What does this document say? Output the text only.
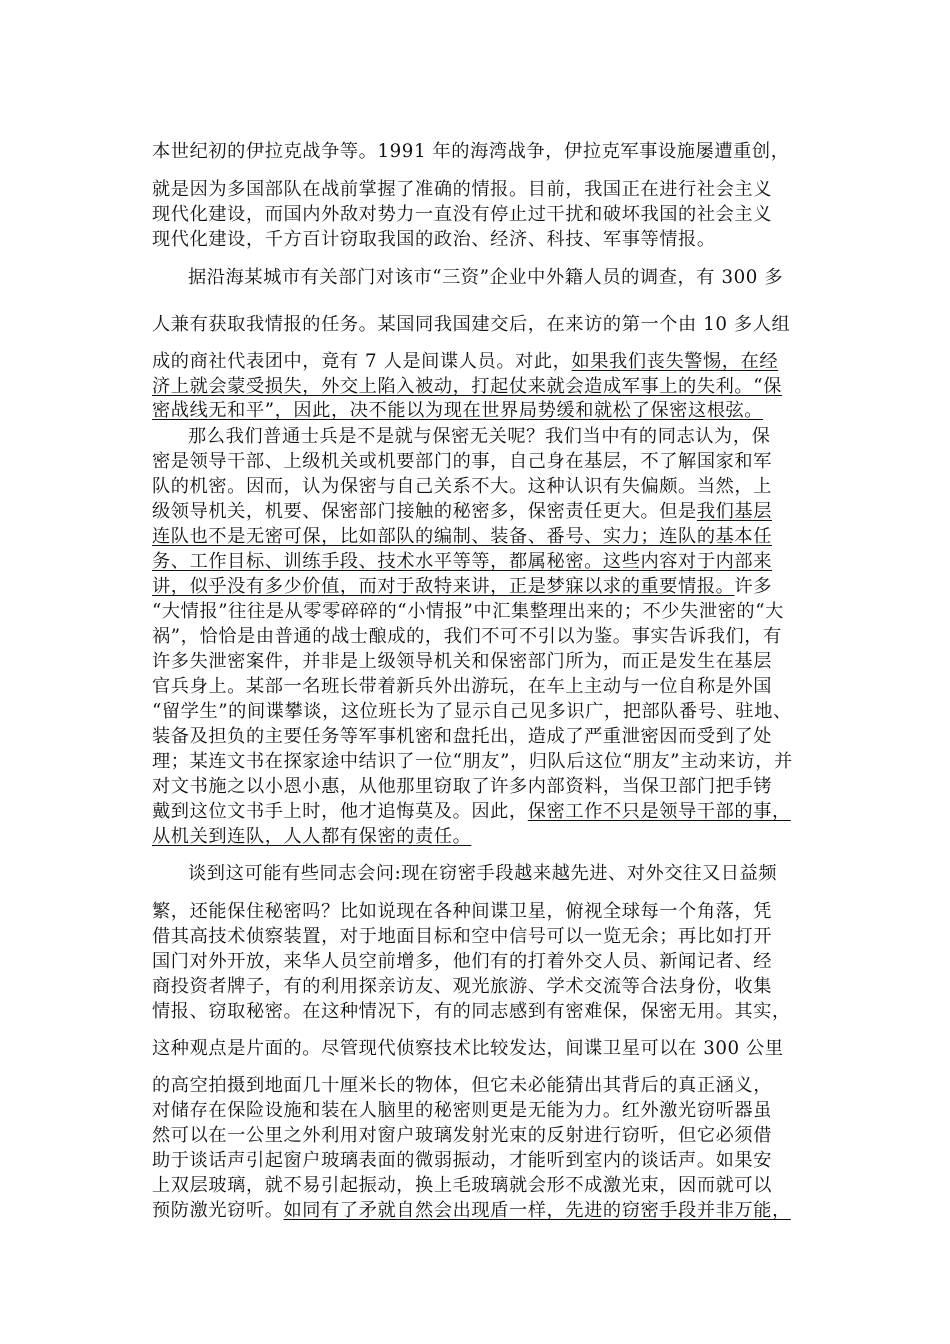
本世纪初的伊拉克战争等。1991 年的海湾战争，伊拉克军事设施屡遭重创，
就是因为多国部队在战前掌握了准确的情报。目前，我国正在进行社会主义
现代化建设，而国内外敌对势力一直没有停止过干扰和破坏我国的社会主义
现代化建设，千方百计窃取我国的政治、经济、科技、军事等情报。
据沿海某城市有关部门对该市“三资”企业中外籍人员的调查，有 300 多
人兼有获取我情报的任务。某国同我国建交后，在来访的第一个由 10 多人组
成的商社代表团中，竟有 7 人是间谍人员。对此，如果我们丧失警惕，在经
济上就会蒙受损失，外交上陷入被动，打起仗来就会造成军事上的失利。“保
密战线无和平”，因此，决不能以为现在世界局势缓和就松了保密这根弦。
那么我们普通士兵是不是就与保密无关呢？我们当中有的同志认为，保
密是领导干部、上级机关或机要部门的事，自己身在基层，不了解国家和军
队的机密。因而，认为保密与自己关系不大。这种认识有失偏颇。当然，上
级领导机关，机要、保密部门接触的秘密多，保密责任更大。但是我们基层
连队也不是无密可保，比如部队的编制、装备、番号、实力；连队的基本任
务、工作目标、训练手段、技术水平等等，都属秘密。这些内容对于内部来
讲，似乎没有多少价值，而对于敌特来讲，正是梦寐以求的重要情报。许多
“大情报”往往是从零零碎碎的“小情报”中汇集整理出来的；不少失泄密的“大
祸”，恰恰是由普通的战士酿成的，我们不可不引以为鉴。事实告诉我们，有
许多失泄密案件，并非是上级领导机关和保密部门所为，而正是发生在基层
官兵身上。某部一名班长带着新兵外出游玩，在车上主动与一位自称是外国
“留学生”的间谍攀谈，这位班长为了显示自己见多识广，把部队番号、驻地、
装备及担负的主要任务等军事机密和盘托出，造成了严重泄密因而受到了处
理；某连文书在探家途中结识了一位“朋友”，归队后这位“朋友”主动来访，并
对文书施之以小恩小惠，从他那里窃取了许多内部资料，当保卫部门把手铐
戴到这位文书手上时，他才追悔莫及。因此，保密工作不只是领导干部的事，
从机关到连队，人人都有保密的责任。
谈到这可能有些同志会问:现在窃密手段越来越先进、对外交往又日益频
繁，还能保住秘密吗？比如说现在各种间谍卫星，俯视全球每一个角落，凭
借其高技术侦察装置，对于地面目标和空中信号可以一览无余；再比如打开
国门对外开放，来华人员空前增多，他们有的打着外交人员、新闻记者、经
商投资者牌子，有的利用探亲访友、观光旅游、学术交流等合法身份，收集
情报、窃取秘密。在这种情况下，有的同志感到有密难保，保密无用。其实，
这种观点是片面的。尽管现代侦察技术比较发达，间谍卫星可以在 300 公里
的高空拍摄到地面几十厘米长的物体，但它未必能猜出其背后的真正涵义，
对储存在保险设施和装在人脑里的秘密则更是无能为力。红外激光窃听器虽
然可以在一公里之外利用对窗户玻璃发射光束的反射进行窃听，但它必须借
助于谈话声引起窗户玻璃表面的微弱振动，才能听到室内的谈话声。如果安
上双层玻璃，就不易引起振动，换上毛玻璃就会形不成激光束，因而就可以
预防激光窃听。如同有了矛就自然会出现盾一样，先进的窃密手段并非万能，
